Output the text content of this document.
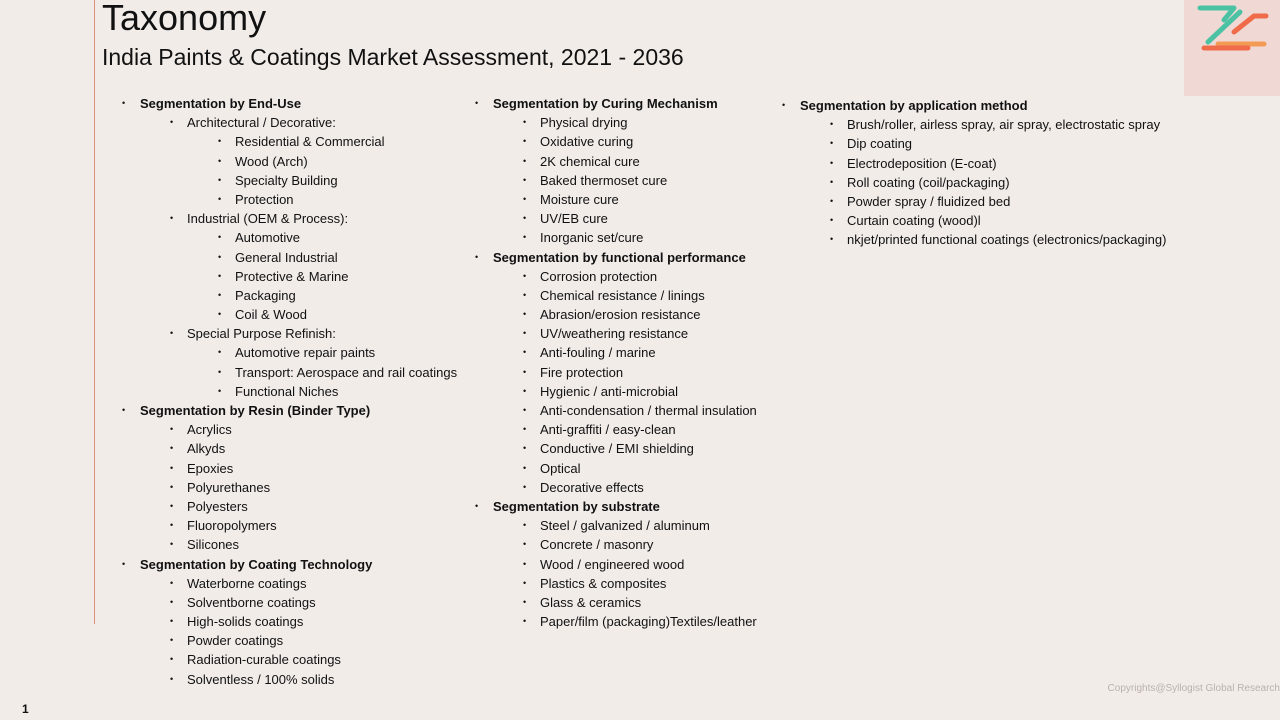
Taxonomy
India Paints & Coatings Market Assessment, 2021 - 2036
• Segmentation by End-Use
• Architectural / Decorative:
• Residential & Commercial
• Wood (Arch)
• Specialty Building
• Protection
• Industrial (OEM & Process):
• Automotive
• General Industrial
• Protective & Marine
• Packaging
• Coil & Wood
• Special Purpose Refinish:
• Automotive repair paints
• Transport: Aerospace and rail coatings
• Functional Niches
• Segmentation by Resin (Binder Type)
• Acrylics
• Alkyds
• Epoxies
• Polyurethanes
• Polyesters
• Fluoropolymers
• Silicones
• Segmentation by Coating Technology
• Waterborne coatings
• Solventborne coatings
• High-solids coatings
• Powder coatings
• Radiation-curable coatings
• Solventless / 100% solids
• Segmentation by Curing Mechanism
• Physical drying
• Oxidative curing
• 2K chemical cure
• Baked thermoset cure
• Moisture cure
• UV/EB cure
• Inorganic set/cure
• Segmentation by functional performance
• Corrosion protection
• Chemical resistance / linings
• Abrasion/erosion resistance
• UV/weathering resistance
• Anti-fouling / marine
• Fire protection
• Hygienic / anti-microbial
• Anti-condensation / thermal insulation
• Anti-graffiti / easy-clean
• Conductive / EMI shielding
• Optical
• Decorative effects
• Segmentation by substrate
• Steel / galvanized / aluminum
• Concrete / masonry
• Wood / engineered wood
• Plastics & composites
• Glass & ceramics
• Paper/film (packaging)Textiles/leather
• Segmentation by application method
• Brush/roller, airless spray, air spray, electrostatic spray
• Dip coating
• Electrodeposition (E-coat)
• Roll coating (coil/packaging)
• Powder spray / fluidized bed
• Curtain coating (wood)l
• nkjet/printed functional coatings (electronics/packaging)
1
Copyrights@Syllogist Global Research
